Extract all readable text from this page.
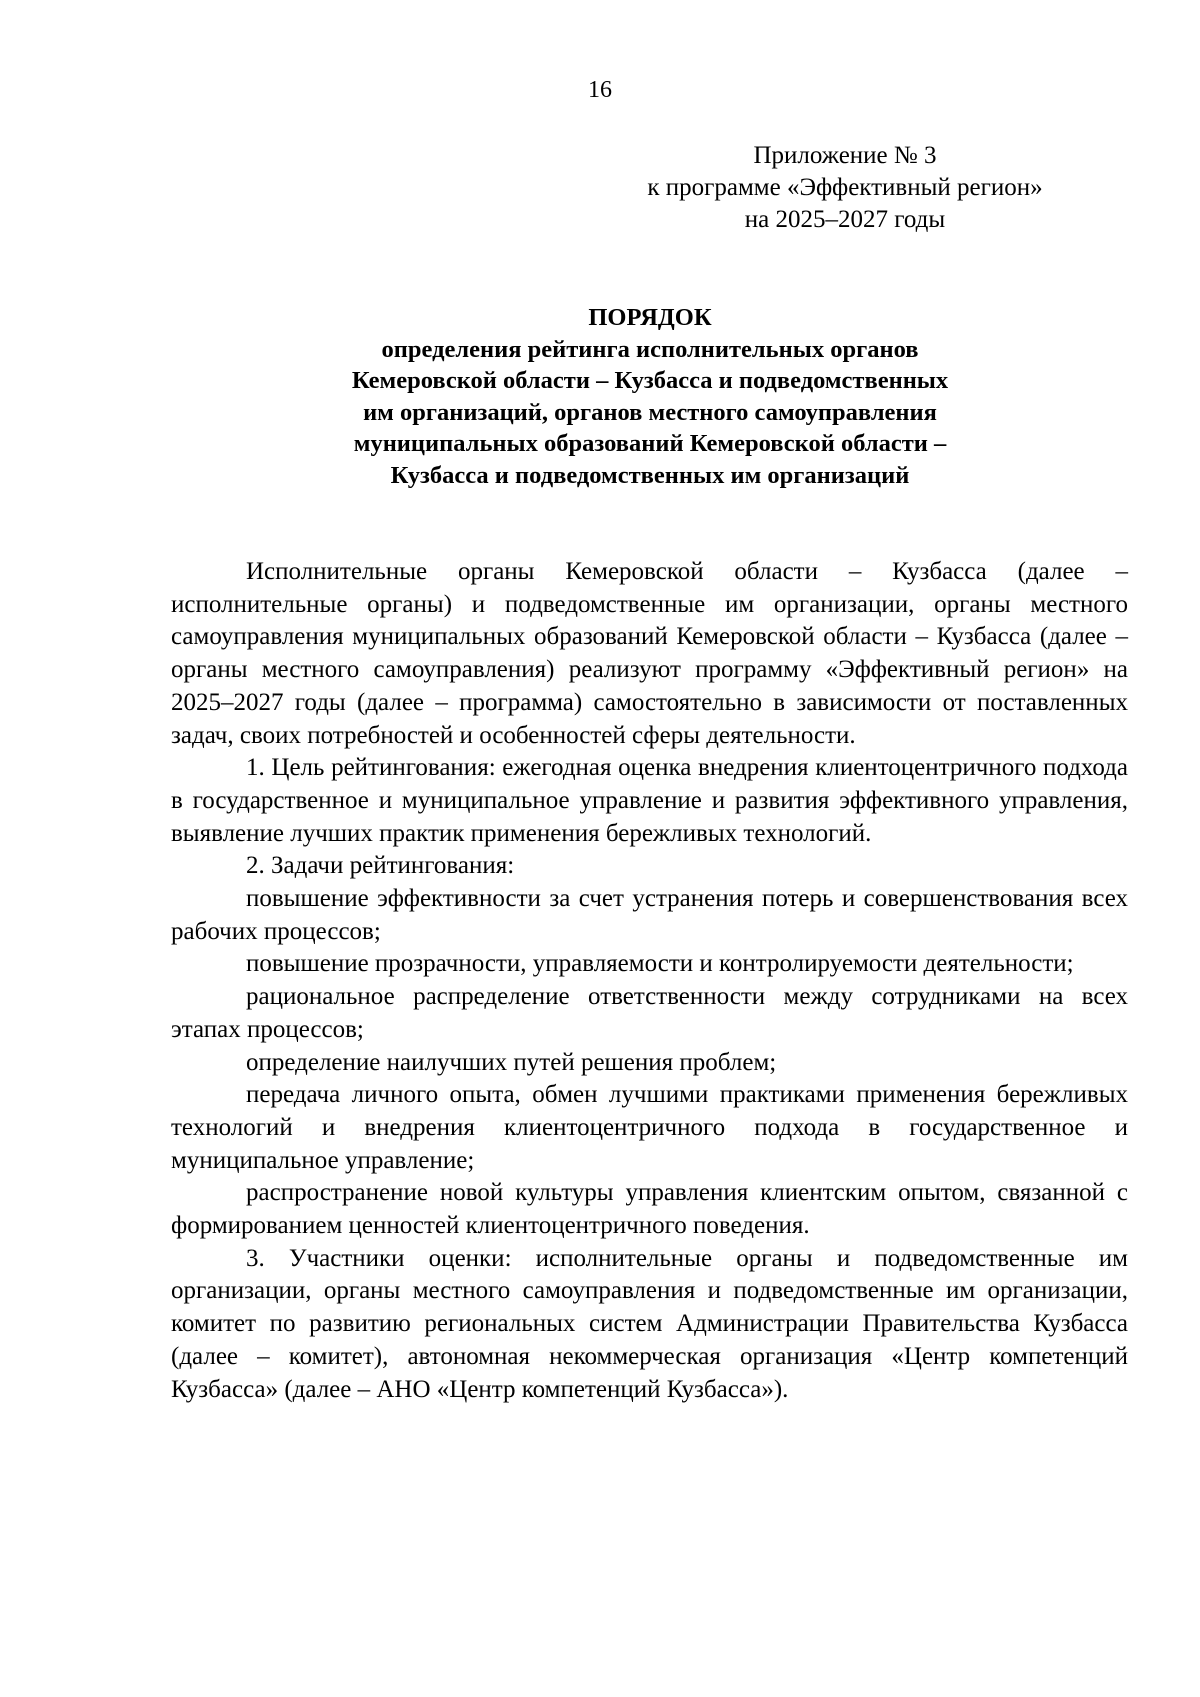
16
Приложение № 3
к программе «Эффективный регион»
на 2025–2027 годы
ПОРЯДОК
определения рейтинга исполнительных органов
Кемеровской области – Кузбасса и подведомственных
им организаций, органов местного самоуправления
муниципальных образований Кемеровской области –
Кузбасса и подведомственных им организаций

Исполнительные органы Кемеровской области – Кузбасса (далее – исполнительные органы) и подведомственные им организации, органы местного самоуправления муниципальных образований Кемеровской области – Кузбасса (далее – органы местного самоуправления) реализуют программу «Эффективный регион» на 2025–2027 годы (далее – программа) самостоятельно в зависимости от поставленных задач, своих потребностей и особенностей сферы деятельности.

1. Цель рейтингования: ежегодная оценка внедрения клиентоцентричного подхода в государственное и муниципальное управление и развития эффективного управления, выявление лучших практик применения бережливых технологий.

2. Задачи рейтингования:

повышение эффективности за счет устранения потерь и совершенствования всех рабочих процессов;

повышение прозрачности, управляемости и контролируемости деятельности;

рациональное распределение ответственности между сотрудниками на всех этапах процессов;

определение наилучших путей решения проблем;

передача личного опыта, обмен лучшими практиками применения бережливых технологий и внедрения клиентоцентричного подхода в государственное и муниципальное управление;

распространение новой культуры управления клиентским опытом, связанной с формированием ценностей клиентоцентричного поведения.

3. Участники оценки: исполнительные органы и подведомственные им организации, органы местного самоуправления и подведомственные им организации, комитет по развитию региональных систем Администрации Правительства Кузбасса (далее – комитет), автономная некоммерческая организация «Центр компетенций Кузбасса» (далее – АНО «Центр компетенций Кузбасса»).
